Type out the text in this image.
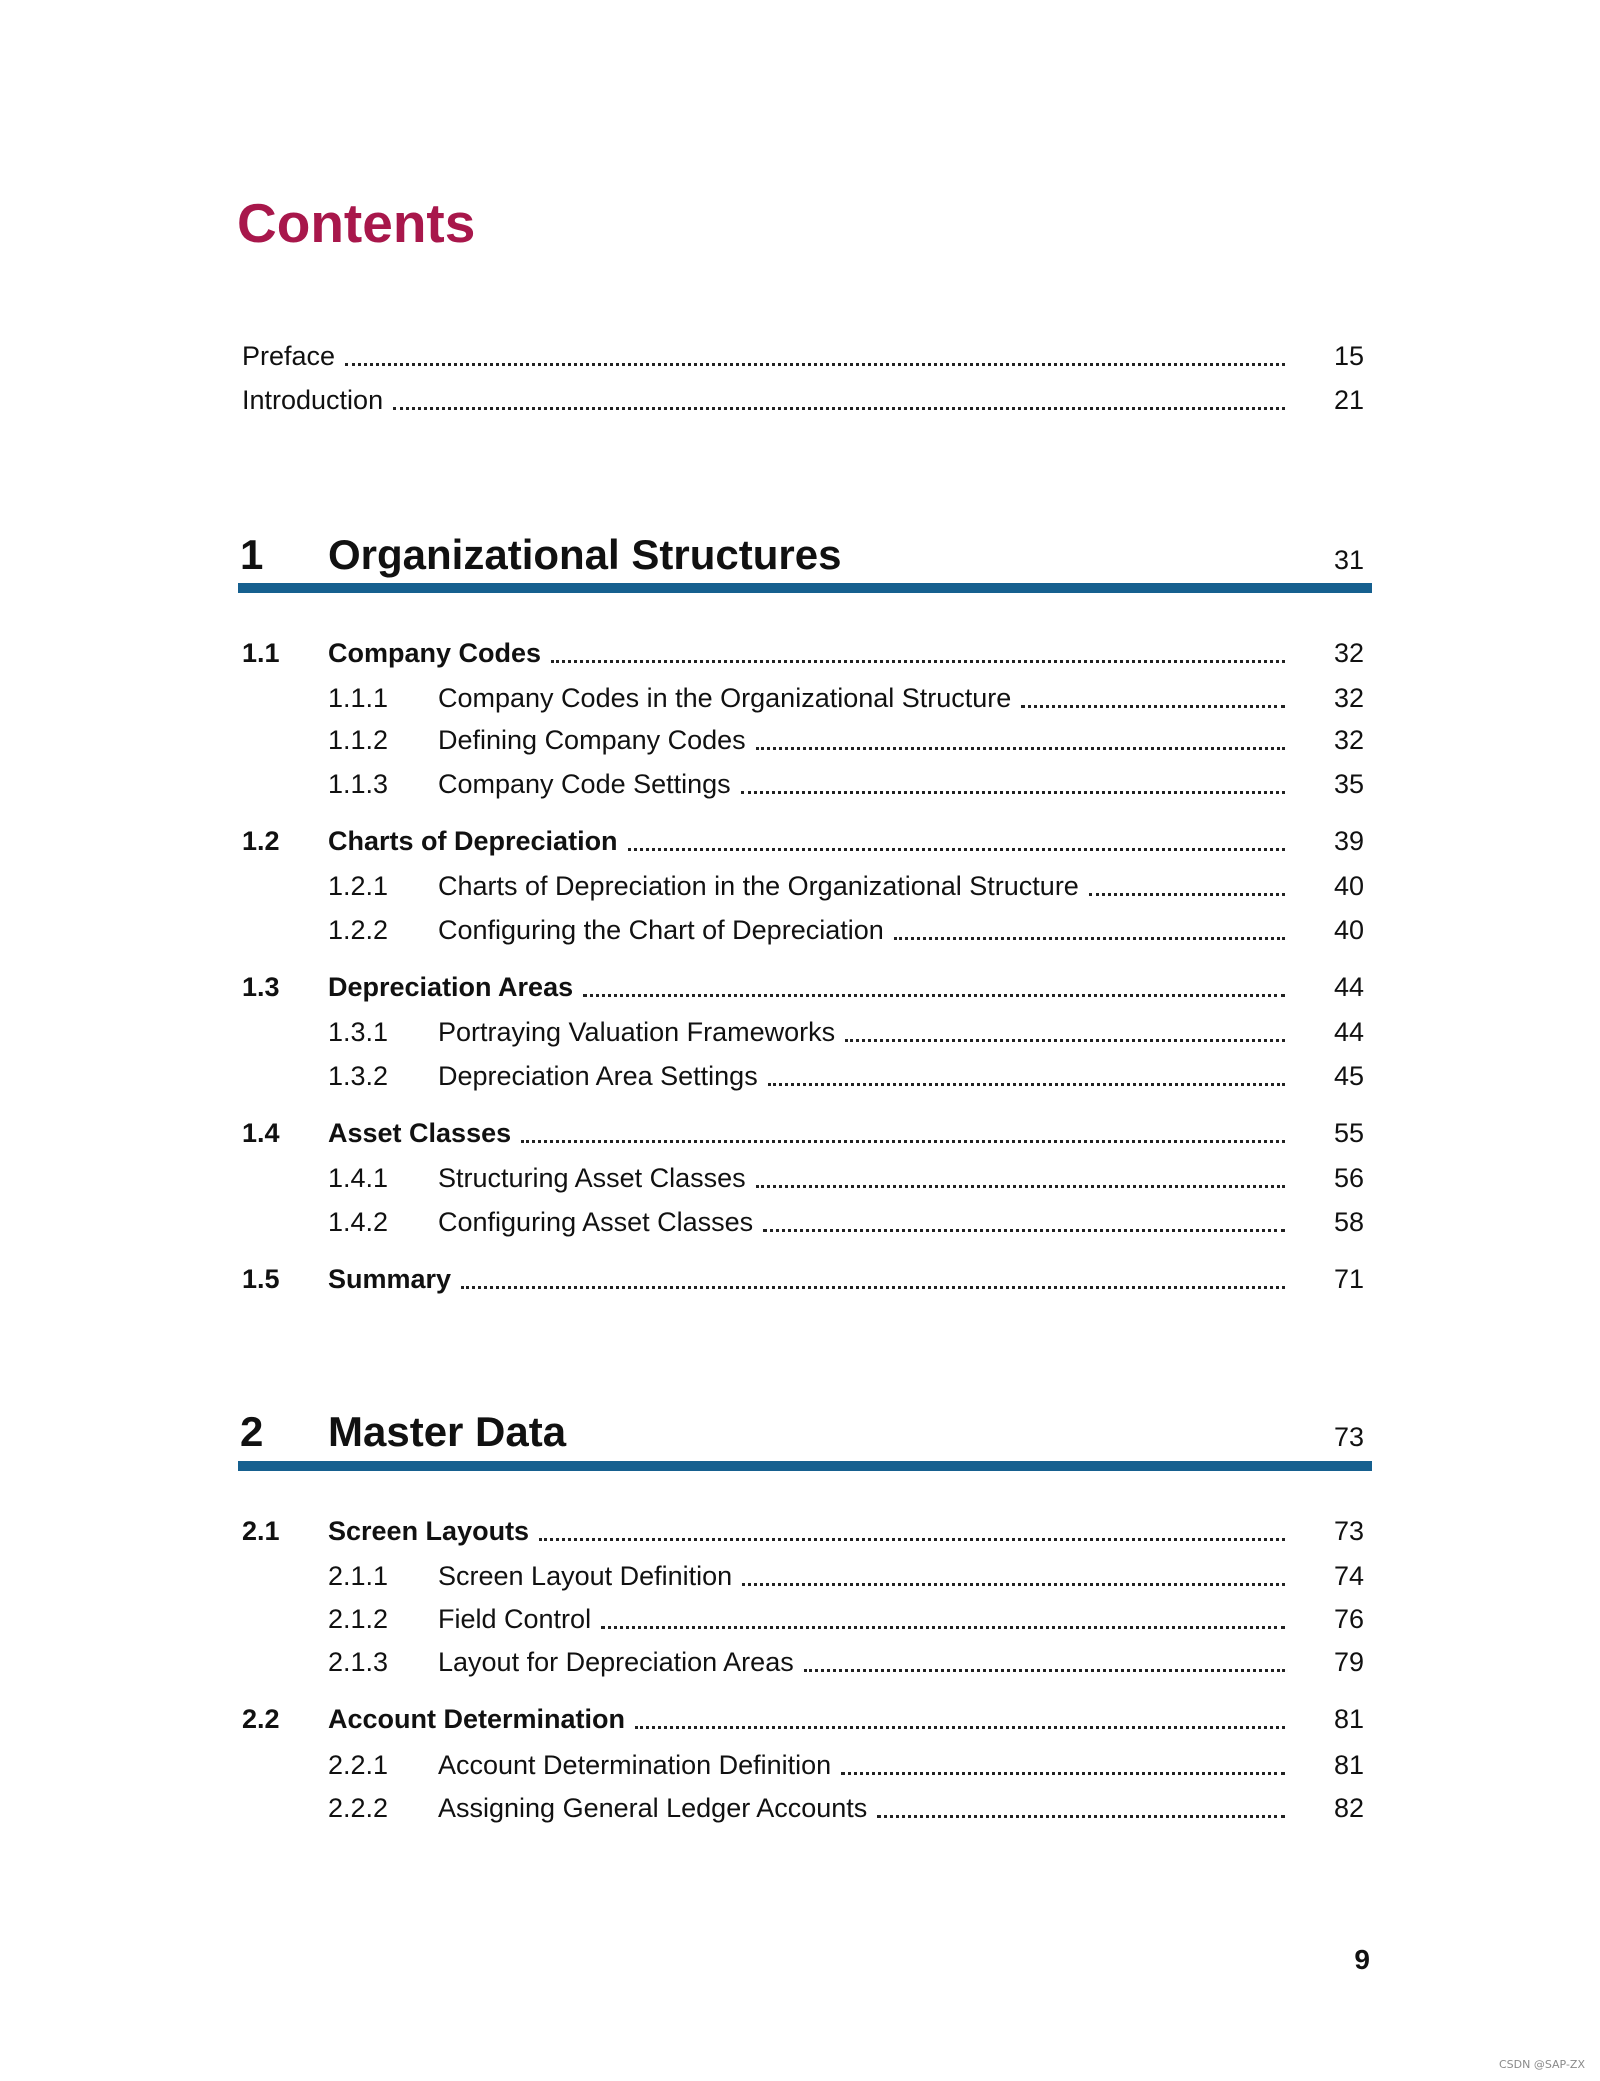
Contents
Preface	15
Introduction	21
1 Organizational Structures	31
1.1 Company Codes	32
1.1.1 Company Codes in the Organizational Structure	32
1.1.2 Defining Company Codes	32
1.1.3 Company Code Settings	35
1.2 Charts of Depreciation	39
1.2.1 Charts of Depreciation in the Organizational Structure	40
1.2.2 Configuring the Chart of Depreciation	40
1.3 Depreciation Areas	44
1.3.1 Portraying Valuation Frameworks	44
1.3.2 Depreciation Area Settings	45
1.4 Asset Classes	55
1.4.1 Structuring Asset Classes	56
1.4.2 Configuring Asset Classes	58
1.5 Summary	71
2 Master Data	73
2.1 Screen Layouts	73
2.1.1 Screen Layout Definition	74
2.1.2 Field Control	76
2.1.3 Layout for Depreciation Areas	79
2.2 Account Determination	81
2.2.1 Account Determination Definition	81
2.2.2 Assigning General Ledger Accounts	82
9
CSDN @SAP-ZX
